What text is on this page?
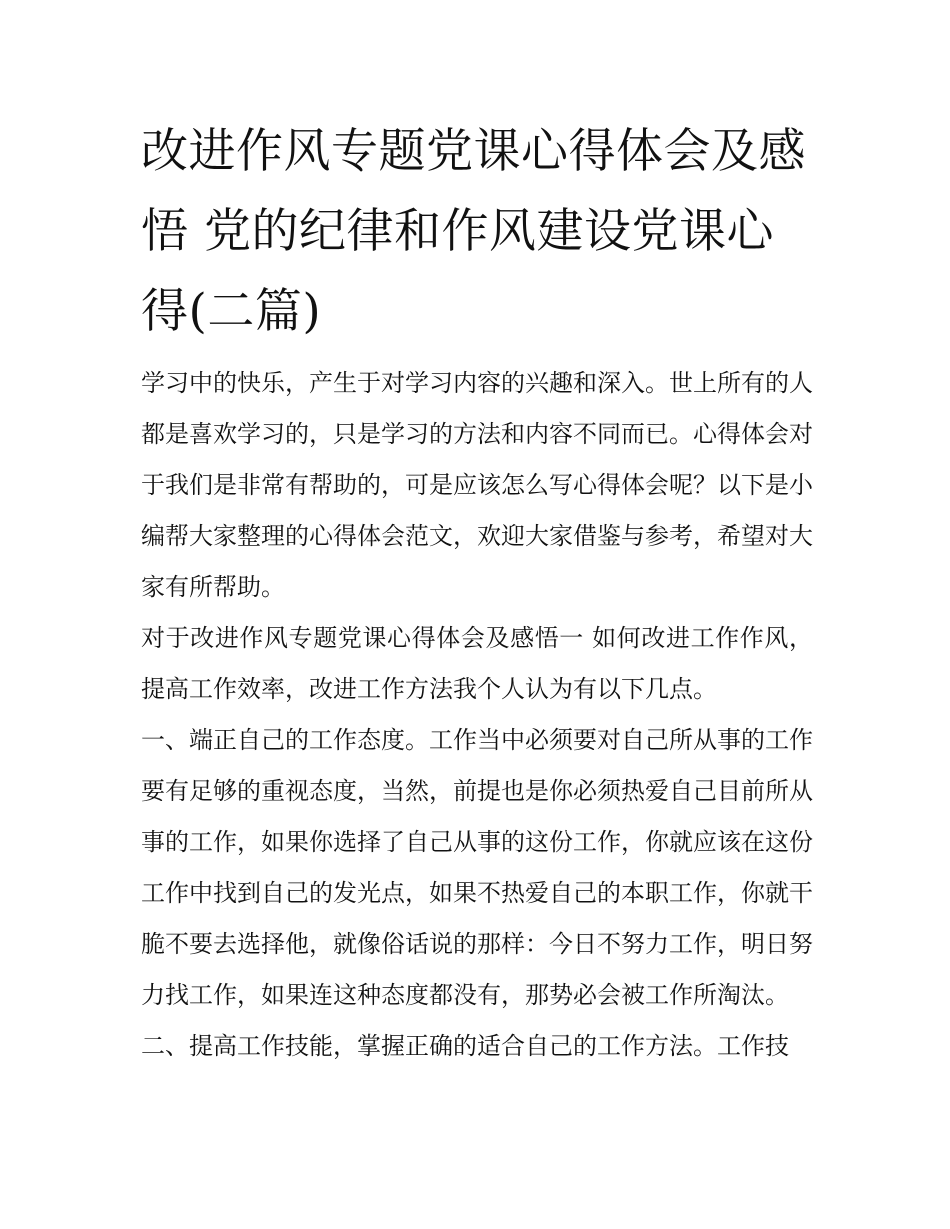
改进作风专题党课心得体会及感悟 党的纪律和作风建设党课心得(二篇)

学习中的快乐，产生于对学习内容的兴趣和深入。世上所有的人都是喜欢学习的，只是学习的方法和内容不同而已。心得体会对于我们是非常有帮助的，可是应该怎么写心得体会呢？以下是小编帮大家整理的心得体会范文，欢迎大家借鉴与参考，希望对大家有所帮助。

对于改进作风专题党课心得体会及感悟一 如何改进工作作风，提高工作效率，改进工作方法我个人认为有以下几点。

一、端正自己的工作态度。工作当中必须要对自己所从事的工作要有足够的重视态度，当然，前提也是你必须热爱自己目前所从事的工作，如果你选择了自己从事的这份工作，你就应该在这份工作中找到自己的发光点，如果不热爱自己的本职工作，你就干脆不要去选择他，就像俗话说的那样：今日不努力工作，明日努力找工作，如果连这种态度都没有，那势必会被工作所淘汰。

二、提高工作技能，掌握正确的适合自己的工作方法。工作技
